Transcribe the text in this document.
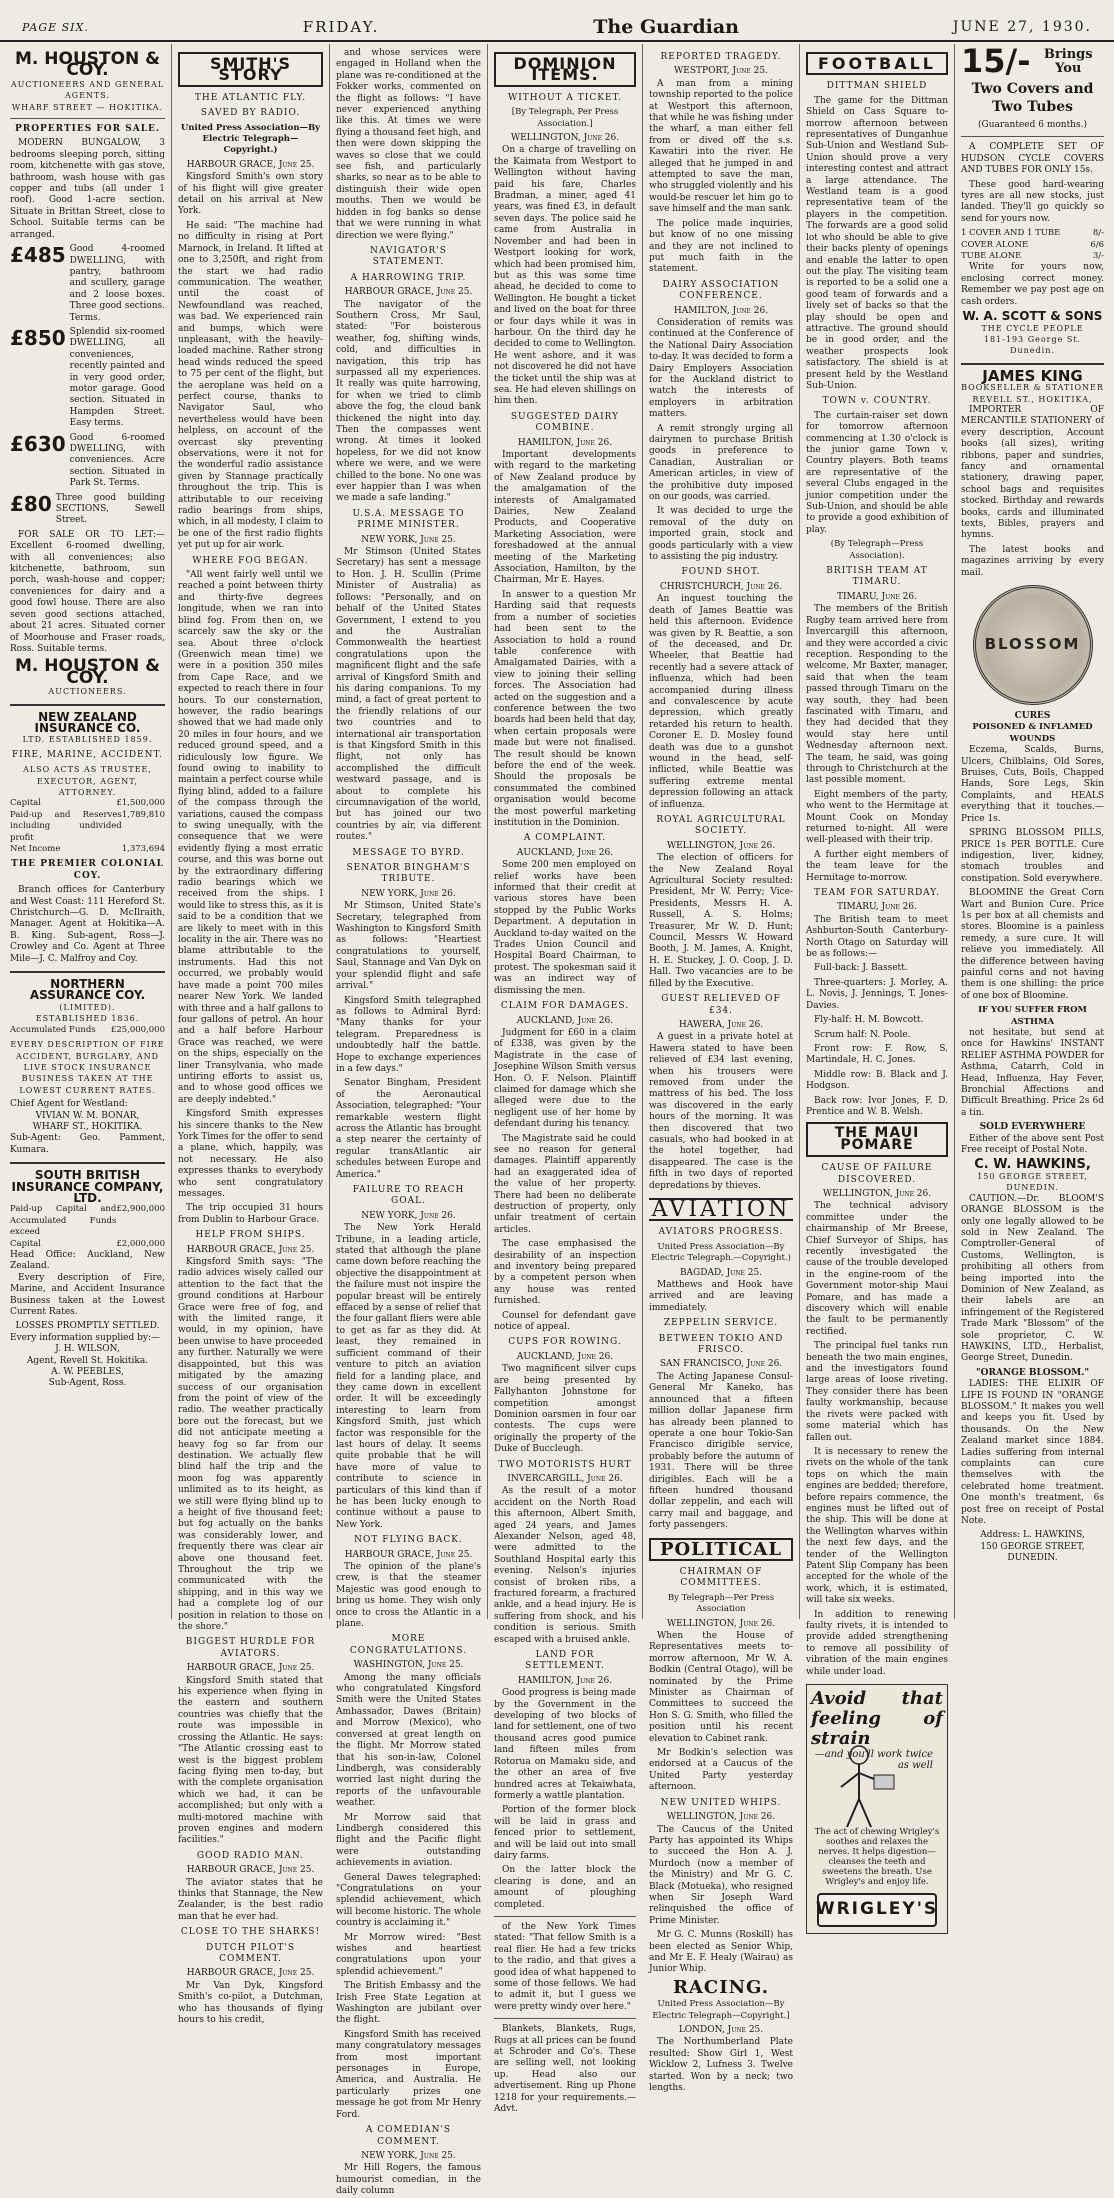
PAGE SIX.	FRIDAY.	The Guardian	JUNE 27, 1930.
M. HOUSTON & COY.
AUCTIONEERS AND GENERAL AGENTS.
WHARF STREET — HOKITIKA.
PROPERTIES FOR SALE.

MODERN BUNGALOW, 3 bedrooms sleeping porch, sitting room, kitchenette with gas stove, bathroom, wash house with gas copper and tubs (all under 1 roof). Good 1-acre section. Situate in Brittan Street, close to School. Suitable terms can be arranged.

£485 Good 4-roomed DWELLING, with pantry, bathroom and scullery, garage and 2 loose boxes. Three good sections. Terms.
£850 Splendid six-roomed DWELLING, all conveniences, recently painted and in very good order, motor garage. Good section. Situated in Hampden Street. Easy terms.
£630 Good 6-roomed DWELLING, with conveniences. Acre section. Situated in Park St. Terms.
£80 Three good building SECTIONS, Sewell Street.

FOR SALE OR TO LET:—Excellent 6-roomed dwelling, with all conveniences; also kitchenette, bathroom, sun porch, wash-house and copper; conveniences for dairy and a good fowl house. There are also seven good sections attached, about 21 acres. Situated corner of Moorhouse and Fraser roads, Ross. Suitable terms.

M. HOUSTON & COY.
AUCTIONEERS.
NEW ZEALAND INSURANCE CO.
LTD. ESTABLISHED 1859.
FIRE, MARINE, ACCIDENT.
ALSO ACTS AS TRUSTEE, EXECUTOR, AGENT, ATTORNEY.
Capital	£1,500,000
Paid-up and Reserves including undivided profit
1,789,810
Net Income	1,373,694
THE PREMIER COLONIAL COY.

Branch offices for Canterbury and West Coast: 111 Hereford St. Christchurch—G. D. McIlraith, Manager. Agent at Hokitika—A. B. King. Sub-agent, Ross—J. Crowley and Co. Agent at Three Mile—J. C. Malfroy and Coy.

NORTHERN ASSURANCE COY.
(LIMITED).
ESTABLISHED 1836.
Accumulated Funds £25,000,000
EVERY DESCRIPTION OF FIRE ACCIDENT, BURGLARY, AND LIVE STOCK INSURANCE BUSINESS TAKEN AT THE LOWEST CURRENT RATES.
Chief Agent for Westland:
VIVIAN W. M. BONAR,
WHARF ST., HOKITIKA.
Sub-Agent: Geo. Pamment, Kumara.
SOUTH BRITISH INSURANCE COMPANY, LTD.
Paid-up Capital and Accumulated Funds exceed
£2,900,000
Capital	£2,000,000
Head Office: Auckland, New Zealand.

Every description of Fire, Marine, and Accident Insurance Business taken at the Lowest Current Rates.

LOSSES PROMPTLY SETTLED.
Every information supplied by:—
J. H. WILSON,
Agent, Revell St. Hokitika.
A. W. PEEBLES,
Sub-Agent, Ross.
SMITH'S STORY
THE ATLANTIC FLY.
SAVED BY RADIO.
United Press Association—By Electric Telegraph—Copyright.)

HARBOUR GRACE, June 25.

Kingsford Smith's own story of his flight will give greater detail on his arrival at New York.

He said: "The machine had no difficulty in rising at Port Marnock, in Ireland. It lifted at one to 3,250ft, and right from the start we had radio communication. The weather, until the coast of Newfoundland was reached, was bad. We experienced rain and bumps, which were unpleasant, with the heavily-loaded machine. Rather strong head winds reduced the speed to 75 per cent of the flight, but the aeroplane was held on a perfect course, thanks to Navigator Saul, who nevertheless would have been helpless, on account of the overcast sky preventing observations, were it not for the wonderful radio assistance given by Stannage practically throughout the trip. This is attributable to our receiving radio bearings from ships, which, in all modesty, I claim to be one of the first radio flights yet put up for air work.

WHERE FOG BEGAN.

"All went fairly well until we reached a point between thirty and thirty-five degrees longitude, when we ran into blind fog. From then on, we scarcely saw the sky or the sea. About three o'clock (Greenwich mean time) we were in a position 350 miles from Cape Race, and we expected to reach there in four hours. To our consternation, however, the radio bearings showed that we had made only 20 miles in four hours, and we reduced ground speed, and a ridiculously low figure. We found owing to inability to maintain a perfect course while flying blind, added to a failure of the compass through the variations, caused the compass to swing unequally, with the consequence that we were evidently flying a most erratic course, and this was borne out by the extraordinary differing radio bearings which we received from the ships. I would like to stress this, as it is said to be a condition that we are likely to meet with in this locality in the air. There was no blame attributable to the instruments. Had this not occurred, we probably would have made a point 700 miles nearer New York. We landed with three and a half gallons to four gallons of petrol. An hour and a half before Harbour Grace was reached, we were on the ships, especially on the liner Transylvania, who made untiring efforts to assist us, and to whose good offices we are deeply indebted."

Kingsford Smith expresses his sincere thanks to the New York Times for the offer to send a plane, which, happily, was not necessary. He also expresses thanks to everybody who sent congratulatory messages.

The trip occupied 31 hours from Dublin to Harbour Grace.

HELP FROM SHIPS.

HARBOUR GRACE, June 25.

Kingsford Smith says: "The radio advices wisely called our attention to the fact that the ground conditions at Harbour Grace were free of fog, and with the limited range, it would, in my opinion, have been unwise to have proceeded any further. Naturally we were disappointed, but this was mitigated by the amazing success of our organisation from the point of view of the radio. The weather practically bore out the forecast, but we did not anticipate meeting a heavy fog so far from our destination. We actually flew blind half the trip and the moon fog was apparently unlimited as to its height, as we still were flying blind up to a height of five thousand feet; but fog actually on the banks was considerably lower, and frequently there was clear air above one thousand feet. Throughout the trip we communicated with the shipping, and in this way we had a complete log of our position in relation to those on the shore."

BIGGEST HURDLE FOR AVIATORS.

HARBOUR GRACE, June 25.

Kingsford Smith stated that his experience when flying in the eastern and southern countries was chiefly that the route was impossible in crossing the Atlantic. He says: "The Atlantic crossing east to west is the biggest problem facing flying men to-day, but with the complete organisation which we had, it can be accomplished; but only with a multi-motored machine with proven engines and modern facilities."

GOOD RADIO MAN.

HARBOUR GRACE, June 25.

The aviator states that he thinks that Stannage, the New Zealander, is the best radio man that he ever had.

CLOSE TO THE SHARKS!
DUTCH PILOT'S COMMENT.

HARBOUR GRACE, June 25.

Mr Van Dyk, Kingsford Smith's co-pilot, a Dutchman, who has thousands of flying hours to his credit,

and whose services were engaged in Holland when the plane was re-conditioned at the Fokker works, commented on the flight as follows: "I have never experienced anything like this. At times we were flying a thousand feet high, and then were down skipping the waves so close that we could see fish, and particularly sharks, so near as to be able to distinguish their wide open mouths. Then we would be hidden in fog banks so dense that we were running in what direction we were flying."

NAVIGATOR'S STATEMENT.
A HARROWING TRIP.

HARBOUR GRACE, June 25.

The navigator of the Southern Cross, Mr Saul, stated: "For boisterous weather, fog, shifting winds, cold, and difficulties in navigation, this trip has surpassed all my experiences. It really was quite harrowing, for when we tried to climb above the fog, the cloud bank thickened the night into day. Then the compasses went wrong. At times it looked hopeless, for we did not know where we were, and we were chilled to the bone. No one was ever happier than I was when we made a safe landing."

U.S.A. MESSAGE TO PRIME MINISTER.

NEW YORK, June 25.

Mr Stimson (United States Secretary) has sent a message to Hon. J. H. Scullin (Prime Minister of Australia) as follows: "Personally, and on behalf of the United States Government, I extend to you and the Australian Commonwealth the heartiest congratulations upon the magnificent flight and the safe arrival of Kingsford Smith and his daring companions. To my mind, a fact of great portent to the friendly relations of our two countries and to international air transportation is that Kingsford Smith in this flight, not only has accomplished the difficult westward passage, and is about to complete his circumnavigation of the world, but has joined our two countries by air, via different routes."

MESSAGE TO BYRD.
SENATOR BINGHAM'S TRIBUTE.

NEW YORK, June 26.

Mr Stimson, United State's Secretary, telegraphed from Washington to Kingsford Smith as follows: "Heartiest congratulations to yourself, Saul, Stannage and Van Dyk on your splendid flight and safe arrival."

Kingsford Smith telegraphed as follows to Admiral Byrd: "Many thanks for your telegram. Preparedness is undoubtedly half the battle. Hope to exchange experiences in a few days."

Senator Bingham, President of the Aeronautical Association, telegraphed: "Your remarkable western flight across the Atlantic has brought a step nearer the certainty of regular transAtlantic air schedules between Europe and America."

FAILURE TO REACH GOAL.

NEW YORK, June 26.

The New York Herald Tribune, in a leading article, stated that although the plane came down before reaching the objective the disappointment at the failure must not inspire the popular breast will be entirely effaced by a sense of relief that the four gallant fliers were able to get as far as they did. At least, they remained in sufficient command of their venture to pitch an aviation field for a landing place, and they came down in excellent order. It will be exceedingly interesting to learn from Kingsford Smith, just which factor was responsible for the last hours of delay. It seems quite probable that he will have more of value to contribute to science in particulars of this kind than if he has been lucky enough to continue without a pause to New York.

NOT FLYING BACK.

HARBOUR GRACE, June 25.

The opinion of the plane's crew, is that the steamer Majestic was good enough to bring us home. They wish only once to cross the Atlantic in a plane.

MORE CONGRATULATIONS.

WASHINGTON, June 25.

Among the many officials who congratulated Kingsford Smith were the United States Ambassador, Dawes (Britain) and Morrow (Mexico), who conversed at great length on the flight. Mr Morrow stated that his son-in-law, Colonel Lindbergh, was considerably worried last night during the reports of the unfavourable weather.

Mr Morrow said that Lindbergh considered this flight and the Pacific flight were outstanding achievements in aviation.

General Dawes telegraphed: "Congratulations on your splendid achievement, which will become historic. The whole country is acclaiming it."

Mr Morrow wired: "Best wishes and heartiest congratulations upon your splendid achievement."

The British Embassy and the Irish Free State Legation at Washington are jubilant over the flight.

Kingsford Smith has received many congratulatory messages from most important personages in Europe, America, and Australia. He particularly prizes one message he got from Mr Henry Ford.

A COMEDIAN'S COMMENT.

NEW YORK, June 25.

Mr Hill Rogers, the famous humourist comedian, in the daily column

DOMINION ITEMS.
WITHOUT A TICKET.
[By Telegraph, Per Press Association.]

WELLINGTON, June 26.

On a charge of travelling on the Kaimata from Westport to Wellington without having paid his fare, Charles Bradman, a miner, aged 41 years, was fined £3, in default seven days. The police said he came from Australia in November and had been in Westport looking for work, which had been promised him, but as this was some time ahead, he decided to come to Wellington. He bought a ticket and lived on the boat for three or four days while it was in harbour. On the third day he decided to come to Wellington. He went ashore, and it was not discovered he did not have the ticket until the ship was at sea. He had eleven shillings on him then.

SUGGESTED DAIRY COMBINE.

HAMILTON, June 26.

Important developments with regard to the marketing of New Zealand produce by the amalgamation of the interests of Amalgamated Dairies, New Zealand Products, and Cooperative Marketing Association, were foreshadowed at the annual meeting of the Marketing Association, Hamilton, by the Chairman, Mr E. Hayes.

In answer to a question Mr Harding said that requests from a number of societies had been sent to the Association to hold a round table conference with Amalgamated Dairies, with a view to joining their selling forces. The Association had acted on the suggestion and a conference between the two boards had been held that day, when certain proposals were made but were not finalised. The result should be known before the end of the week. Should the proposals be consummated the combined organisation would become the most powerful marketing institution in the Dominion.

A COMPLAINT.

AUCKLAND, June 26.

Some 200 men employed on relief works have been informed that their credit at various stores have been stopped by the Public Works Department. A deputation in Auckland to-day waited on the Trades Union Council and Hospital Board Chairman, to protest. The spokesman said it was an indirect way of dismissing the men.

CLAIM FOR DAMAGES.

AUCKLAND, June 26.

Judgment for £60 in a claim of £338, was given by the Magistrate in the case of Josephine Wilson Smith versus Hon. O. F. Nelson. Plaintiff claimed for damage which she alleged were due to the negligent use of her home by defendant during his tenancy.

The Magistrate said he could see no reason for general damages. Plaintiff apparently had an exaggerated idea of the value of her property. There had been no deliberate destruction of property, only unfair treatment of certain articles.

The case emphasised the desirability of an inspection and inventory being prepared by a competent person when any house was rented furnished.

Counsel for defendant gave notice of appeal.

CUPS FOR ROWING.

AUCKLAND, June 26.

Two magnificent silver cups are being presented by Fallyhanton Johnstone for competition amongst Dominion oarsmen in four oar contests. The cups were originally the property of the Duke of Buccleugh.

TWO MOTORISTS HURT

INVERCARGILL, June 26.

As the result of a motor accident on the North Road this afternoon, Albert Smith, aged 24 years, and James Alexander Nelson, aged 48, were admitted to the Southland Hospital early this evening. Nelson's injuries consist of broken ribs, a fractured forearm, a fractured ankle, and a head injury. He is suffering from shock, and his condition is serious. Smith escaped with a bruised ankle.

LAND FOR SETTLEMENT.

HAMILTON, June 26.

Good progress is being made by the Government in the developing of two blocks of land for settlement, one of two thousand acres good pumice land fifteen miles from Rotorua on Mamaku side, and the other an area of five hundred acres at Tekaiwhata, formerly a wattle plantation.

Portion of the former block will be laid in grass and fenced prior to settlement, and will be laid out into small dairy farms.

On the latter block the clearing is done, and an amount of ploughing completed.

of the New York Times stated: "That fellow Smith is a real flier. He had a few tricks to the radio, and that gives a good idea of what happened to some of those fellows. We had to admit it, but I guess we were pretty windy over here."

Blankets, Blankets, Rugs, Rugs at all prices can be found at Schroder and Co's. These are selling well, not looking up. Head also our advertisement. Ring up Phone 1218 for your requirements.—Advt.

REPORTED TRAGEDY.

WESTPORT, June 25.

A man from a mining township reported to the police at Westport this afternoon, that while he was fishing under the wharf, a man either fell from or dived off the s.s. Kawatiri into the river. He alleged that he jumped in and attempted to save the man, who struggled violently and his would-be rescuer let him go to save himself and the man sank.

The police made inquiries, but know of no one missing and they are not inclined to put much faith in the statement.

DAIRY ASSOCIATION CONFERENCE.

HAMILTON, June 26.

Consideration of remits was continued at the Conference of the National Dairy Association to-day. It was decided to form a Dairy Employers Association for the Auckland district to watch the interests of employers in arbitration matters.

A remit strongly urging all dairymen to purchase British goods in preference to Canadian, Australian or American articles, in view of the prohibitive duty imposed on our goods, was carried.

It was decided to urge the removal of the duty on imported grain, stock and goods particularly with a view to assisting the pig industry.

FOUND SHOT.

CHRISTCHURCH, June 26.

An inquest touching the death of James Beattie was held this afternoon. Evidence was given by R. Beattie, a son of the deceased, and Dr. Wheeler, that Beattie had recently had a severe attack of influenza, which had been accompanied during illness and convalescence by acute depression, which greatly retarded his return to health. Coroner E. D. Mosley found death was due to a gunshot wound in the head, self-inflicted, while Beattie was suffering extreme mental depression following an attack of influenza.

ROYAL AGRICULTURAL SOCIETY.

WELLINGTON, June 26.

The election of officers for the New Zealand Royal Agricultural Society resulted: President, Mr W. Perry; Vice-Presidents, Messrs H. A. Russell, A. S. Holms; Treasurer, Mr W. D. Hunt; Council, Messrs W. Howard Booth, J. M. James, A. Knight, H. E. Stuckey, J. O. Coop, J. D. Hall. Two vacancies are to be filled by the Executive.

GUEST RELIEVED OF £34.

HAWERA, June 26.

A guest in a private hotel at Hawera stated to have been relieved of £34 last evening, when his trousers were removed from under the mattress of his bed. The loss was discovered in the early hours of the morning. It was then discovered that two casuals, who had booked in at the hotel together, had disappeared. The case is the fifth in two days of reported depredations by thieves.

AVIATION
AVIATORS PROGRESS.
United Press Association—By Electric Telegraph.—Copyright.)

BAGDAD, June 25.

Matthews and Hook have arrived and are leaving immediately.

ZEPPELIN SERVICE.
BETWEEN TOKIO AND FRISCO.

SAN FRANCISCO, June 26.

The Acting Japanese Consul-General Mr Kaneko, has announced that a fifteen million dollar Japanese firm has already been planned to operate a one hour Tokio-San Francisco dirigible service, probably before the autumn of 1931. There will be three dirigibles. Each will be a fifteen hundred thousand dollar zeppelin, and each will carry mail and baggage, and forty passengers.

POLITICAL
CHAIRMAN OF COMMITTEES.
By Telegraph—Per Press Association

WELLINGTON, June 26.

When the House of Representatives meets to-morrow afternoon, Mr W. A. Bodkin (Central Otago), will be nominated by the Prime Minister as Chairman of Committees to succeed the Hon S. G. Smith, who filled the position until his recent elevation to Cabinet rank.

Mr Bodkin's selection was endorsed at a Caucus of the United Party yesterday afternoon.

NEW UNITED WHIPS.

WELLINGTON, June 26.

The Caucus of the United Party has appointed its Whips to succeed the Hon A. J. Murdoch (now a member of the Ministry) and Mr G. C. Black (Motueka), who resigned when Sir Joseph Ward relinquished the office of Prime Minister.

Mr G. C. Munns (Roskill) has been elected as Senior Whip, and Mr E. F. Healy (Wairau) as Junior Whip.

RACING.
United Press Association—By Electric Telegraph—Copyright.]

LONDON, June 25.

The Northumberland Plate resulted: Show Girl 1, West Wicklow 2, Lufness 3. Twelve started. Won by a neck; two lengths.

FOOTBALL
DITTMAN SHIELD

The game for the Dittman Shield on Cass Square to-morrow afternoon between representatives of Dunganhue Sub-Union and Westland Sub-Union should prove a very interesting contest and attract a large attendance. The Westland team is a good representative team of the players in the competition. The forwards are a good solid lot who should be able to give their backs plenty of openings and enable the latter to open out the play. The visiting team is reported to be a solid one a good team of forwards and a lively set of backs so that the play should be open and attractive. The ground should be in good order, and the weather prospects look satisfactory. The shield is at present held by the Westland Sub-Union.

TOWN v. COUNTRY.

The curtain-raiser set down for tomorrow afternoon commencing at 1.30 o'clock is the junior game Town v. Country players. Both teams are representative of the several Clubs engaged in the junior competition under the Sub-Union, and should be able to provide a good exhibition of play.

(By Telegraph—Press Association).
BRITISH TEAM AT TIMARU.

TIMARU, June 26.

The members of the British Rugby team arrived here from Invercargill this afternoon, and they were accorded a civic reception. Responding to the welcome, Mr Baxter, manager, said that when the team passed through Timaru on the way south, they had been fascinated with Timaru, and they had decided that they would stay here until Wednesday afternoon next. The team, he said, was going through to Christchurch at the last possible moment.

Eight members of the party, who went to the Hermitage at Mount Cook on Monday returned to-night. All were well-pleased with their trip.

A further eight members of the team leave for the Hermitage to-morrow.

TEAM FOR SATURDAY.

TIMARU, June 26.

The British team to meet Ashburton-South Canterbury-North Otago on Saturday will be as follows:—

Full-back: J. Bassett.

Three-quarters: J. Morley, A. L. Novis, J. Jennings, T. Jones-Davies.

Fly-half: H. M. Bowcott.

Scrum half: N. Poole.

Front row: F. Row, S. Martindale, H. C. Jones.

Middle row: B. Black and J. Hodgson.

Back row: Ivor Jones, F. D. Prentice and W. B. Welsh.

THE MAUI POMARE
CAUSE OF FAILURE DISCOVERED.

WELLINGTON, June 26.

The technical advisory committee under the chairmanship of Mr Breese, Chief Surveyor of Ships, has recently investigated the cause of the trouble developed in the engine-room of the Government motor-ship Maui Pomare, and has made a discovery which will enable the fault to be permanently rectified.

The principal fuel tanks run beneath the two main engines, and the investigators found large areas of loose riveting. They consider there has been faulty workmanship, because the rivets were packed with some material which has fallen out.

It is necessary to renew the rivets on the whole of the tank tops on which the main engines are bedded; therefore, before repairs commence, the engines must be lifted out of the ship. This will be done at the Wellington wharves within the next few days, and the tender of the Wellington Patent Slip Company has been accepted for the whole of the work, which, it is estimated, will take six weeks.

In addition to renewing faulty rivets, it is intended to provide added strengthening to remove all possibility of vibration of the main engines while under load.

Avoid that feeling of strain
—and you'll work twice as well
The act of chewing Wrigley's soothes and relaxes the nerves. It helps digestion—cleanses the teeth and sweetens the breath. Use Wrigley's and enjoy life.
WRIGLEY'S
15/-	Brings You
Two Covers and Two Tubes
(Guaranteed 6 months.)

A COMPLETE SET OF HUDSON CYCLE COVERS AND TUBES FOR ONLY 15s.

These good hard-wearing tyres are all new stocks, just landed. They'll go quickly so send for yours now.

1 COVER AND 1 TUBE	8/-
COVER ALONE	6/6
TUBE ALONE	3/-

Write for yours now, enclosing correct money. Remember we pay post age on cash orders.

W. A. SCOTT & SONS
THE CYCLE PEOPLE
181-193 George St. Dunedin.
JAMES KING
BOOKSELLER & STATIONER
REVELL ST., HOKITIKA,

IMPORTER OF MERCANTILE STATIONERY of every description, Account books (all sizes), writing ribbons, paper and sundries, fancy and ornamental stationery, drawing paper, school bags and requisites stocked. Birthday and rewards books, cards and illuminated texts, Bibles, prayers and hymns.

The latest books and magazines arriving by every mail.

BLOSSOM
CURES
POISONED & INFLAMED WOUNDS

Eczema, Scalds, Burns, Ulcers, Chilblains, Old Sores, Bruises, Cuts, Boils, Chapped Hands, Sore Legs, Skin Complaints, and HEALS everything that it touches.—Price 1s.

SPRING BLOSSOM PILLS, PRICE 1s PER BOTTLE. Cure indigestion, liver, kidney, stomach troubles and constipation. Sold everywhere.

BLOOMINE the Great Corn Wart and Bunion Cure. Price 1s per box at all chemists and stores. Bloomine is a painless remedy, a sure cure. It will relieve you immediately. All the difference between having painful corns and not having them is one shilling: the price of one box of Bloomine.

IF YOU SUFFER FROM ASTHMA

not hesitate, but send at once for Hawkins' INSTANT RELIEF ASTHMA POWDER for Asthma, Catarrh, Cold in Head, Influenza, Hay Fever, Bronchial Affections and Difficult Breathing. Price 2s 6d a tin.

SOLD EVERYWHERE

Either of the above sent Post Free receipt of Postal Note.

C. W. HAWKINS,
150 GEORGE STREET, DUNEDIN.

CAUTION.—Dr. BLOOM'S ORANGE BLOSSOM is the only one legally allowed to be sold in New Zealand. The Comptroller-General of Customs, Wellington, is prohibiting all others from being imported into the Dominion of New Zealand, as their labels are an infringement of the Registered Trade Mark "Blossom" of the sole proprietor, C. W. HAWKINS, LTD., Herbalist, George Street, Dunedin.

"ORANGE BLOSSOM."

LADIES: THE ELIXIR OF LIFE IS FOUND IN "ORANGE BLOSSOM." It makes you well and keeps you fit. Used by thousands. On the New Zealand market since 1884. Ladies suffering from internal complaints can cure themselves with the celebrated home treatment. One month's treatment, 6s post free on receipt of Postal Note.

Address: L. HAWKINS,
150 GEORGE STREET, DUNEDIN.
